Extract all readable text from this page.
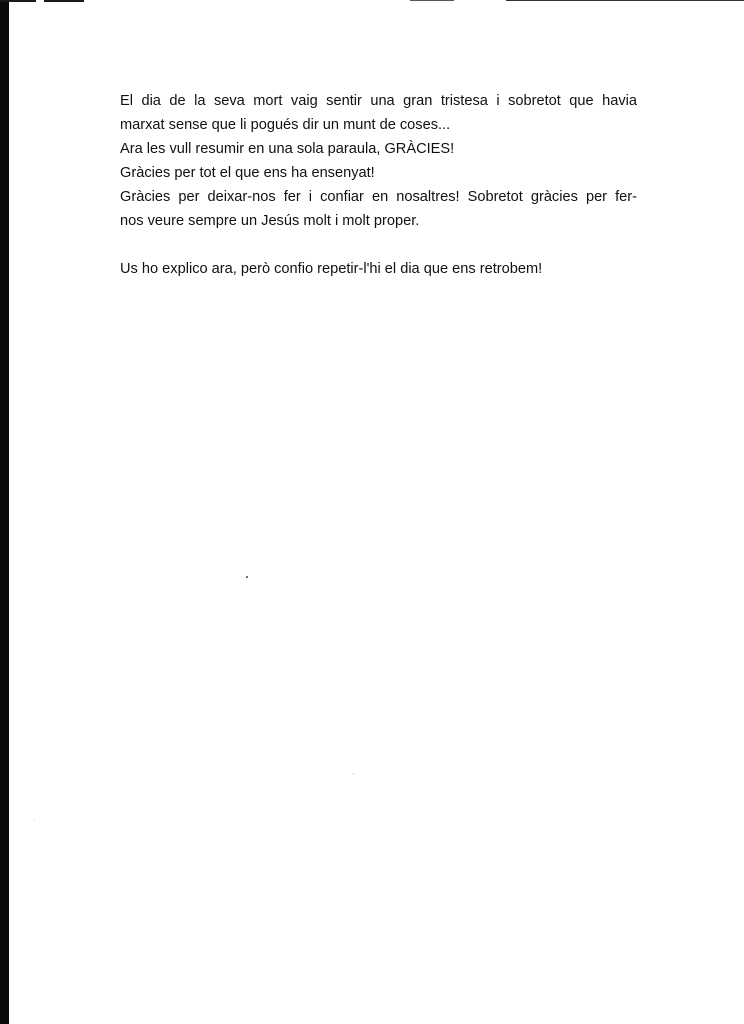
El dia de la seva mort vaig sentir una gran tristesa i sobretot que havia

marxat sense que li pogués dir un munt de coses...

Ara les vull resumir en una sola paraula, GRÀCIES!

Gràcies per tot el que ens ha ensenyat!

Gràcies per deixar-nos fer i confiar en nosaltres! Sobretot gràcies per fer-

nos veure sempre un Jesús molt i molt proper.

Us ho explico ara, però confio repetir-l'hi el dia que ens retrobem!
